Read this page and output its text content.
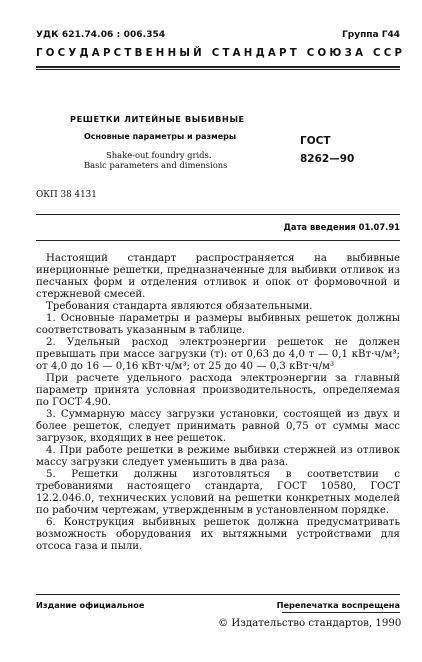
УДК 621.74.06 : 006.354	Группа Г44
ГОСУДАРСТВЕННЫЙ СТАНДАРТ СОЮЗА ССР
РЕШЕТКИ ЛИТЕЙНЫЕ ВЫБИВНЫЕ
Основные параметры и размеры
Shake-out foundry grids.
Basic parameters and dimensions
ГОСТ
8262—90
ОКП 38 4131
Дата введения 01.07.91

Настоящий стандарт распространяется на выбивные инерционные решетки, предназначенные для выбивки отливок из песчаных форм и отделения отливок и опок от формовочной и стержневой смесей.

Требования стандарта являются обязательными.

1. Основные параметры и размеры выбивных решеток должны соответствовать указанным в таблице.

2. Удельный расход электроэнергии решеток не должен превышать при массе загрузки (т): от 0,63 до 4,0 т — 0,1 кВт·ч/м³; от 4,0 до 16 — 0,16 кВт·ч/м³; от 25 до 40 — 0,3 кВт·ч/м³

При расчете удельного расхода электроэнергии за главный параметр принята условная производительность, определяемая по ГОСТ 4.90.

3. Суммарную массу загрузки установки, состоящей из двух и более решеток, следует принимать равной 0,75 от суммы масс загрузок, входящих в нее решеток.

4. При работе решетки в режиме выбивки стержней из отливок массу загрузки следует уменьшить в два раза.

5. Решетки должны изготовляться в соответствии с требованиями настоящего стандарта, ГОСТ 10580, ГОСТ 12.2.046.0, технических условий на решетки конкретных моделей по рабочим чертежам, утвержденным в установленном порядке.

6. Конструкция выбивных решеток должна предусматривать возможность оборудования их вытяжными устройствами для отсоса газа и пыли.

Издание официальное	Перепечатка воспрещена
© Издательство стандартов, 1990
